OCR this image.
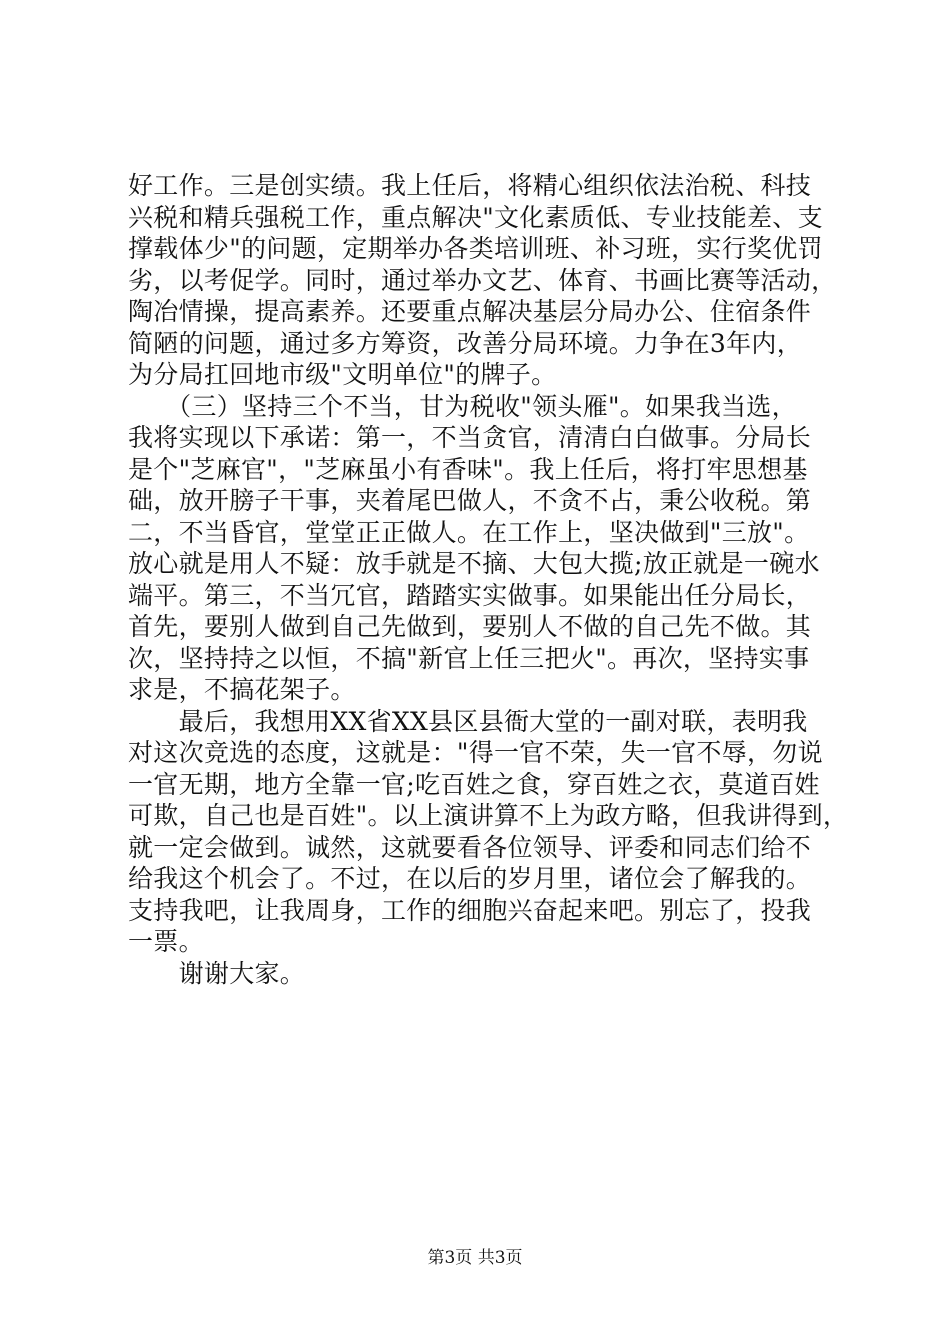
好工作。三是创实绩。我上任后，将精心组织依法治税、科技
兴税和精兵强税工作，重点解决"文化素质低、专业技能差、支
撑载体少"的问题，定期举办各类培训班、补习班，实行奖优罚
劣，以考促学。同时，通过举办文艺、体育、书画比赛等活动，
陶冶情操，提高素养。还要重点解决基层分局办公、住宿条件
简陋的问题，通过多方筹资，改善分局环境。力争在3年内，
为分局扛回地市级"文明单位"的牌子。
　　（三）坚持三个不当，甘为税收"领头雁"。如果我当选，
我将实现以下承诺：第一，不当贪官，清清白白做事。分局长
是个"芝麻官"，"芝麻虽小有香味"。我上任后，将打牢思想基
础，放开膀子干事，夹着尾巴做人，不贪不占，秉公收税。第
二，不当昏官，堂堂正正做人。在工作上，坚决做到"三放"。
放心就是用人不疑：放手就是不摘、大包大揽;放正就是一碗水
端平。第三，不当冗官，踏踏实实做事。如果能出任分局长，
首先，要别人做到自己先做到，要别人不做的自己先不做。其
次，坚持持之以恒，不搞"新官上任三把火"。再次，坚持实事
求是，不搞花架子。
　　最后，我想用XX省XX县区县衙大堂的一副对联，表明我
对这次竞选的态度，这就是："得一官不荣，失一官不辱，勿说
一官无期，地方全靠一官;吃百姓之食，穿百姓之衣，莫道百姓
可欺，自己也是百姓"。以上演讲算不上为政方略，但我讲得到，
就一定会做到。诚然，这就要看各位领导、评委和同志们给不
给我这个机会了。不过，在以后的岁月里，诸位会了解我的。
支持我吧，让我周身，工作的细胞兴奋起来吧。别忘了，投我
一票。
　　谢谢大家。
第3页 共3页
